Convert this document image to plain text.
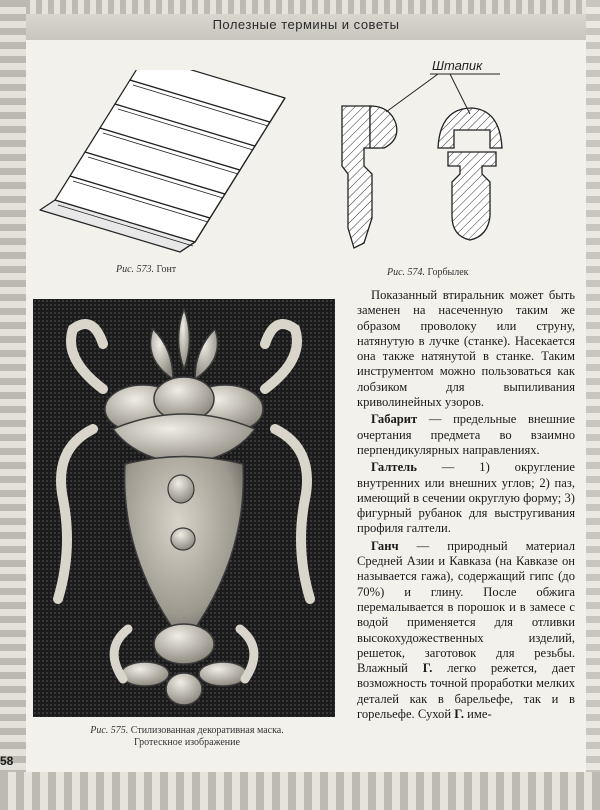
Полезные термины и советы
Рис. 573. Гонт
Штапик
Рис. 574. Горбылек
Рис. 575. Стилизованная декоративная маска.
Гротескное изображение

Показанный втиральник может быть заменен на насеченную таким же образом проволоку или струну, натянутую в лучке (станке). Насекается она также натянутой в станке. Таким инструментом можно пользоваться как лобзиком для выпиливания криволинейных узоров.

Габарит — предельные внешние очертания предмета во взаимно перпендикулярных направлениях.

Галтель — 1) округление внутренних или внешних углов; 2) паз, имеющий в сечении округлую форму; 3) фигурный рубанок для выстругивания профиля галтели.

Ганч — природный материал Средней Азии и Кавказа (на Кавказе он называется гажа), содержащий гипс (до 70%) и глину. После обжига перемалывается в порошок и в замесе с водой применяется для отливки высокохудожественных изделий, решеток, заготовок для резьбы. Влажный Г. легко режется, дает возможность точной проработки мелких деталей как в барельефе, так и в горельефе. Сухой Г. име-

58
